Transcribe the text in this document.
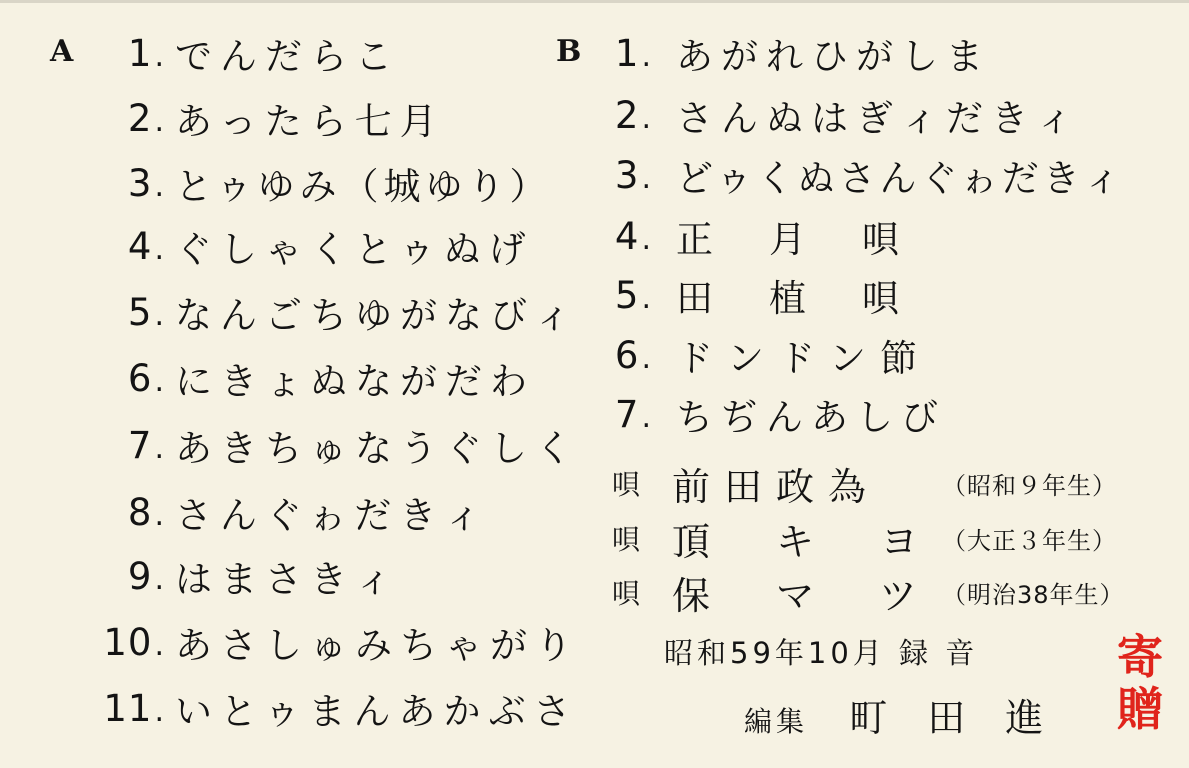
A	1. でんだらこ
2. あったら七月
3. とゥゆみ（城ゆり）
4. ぐしゃくとゥぬげ
5. なんごちゆがなびィ
6. にきょぬながだわ
7. あきちゅなうぐしく
8. さんぐゎだきィ
9. はまさきィ
10. あさしゅみちゃがり
11. いとゥまんあかぶさ
B 1. あがれひがしま
2. さんぬはぎィだきィ
3. どゥくぬさんぐゎだきィ
4. 正月唄
5. 田植唄
6. ドンドン節
7. ちぢんあしび
唄 前田政為	（昭和９年生）
唄 頂キヨ
（大正３年生）
唄 保マツ
（明治38年生）
昭和59年10月 録 音
編集 町田進
寄
贈
